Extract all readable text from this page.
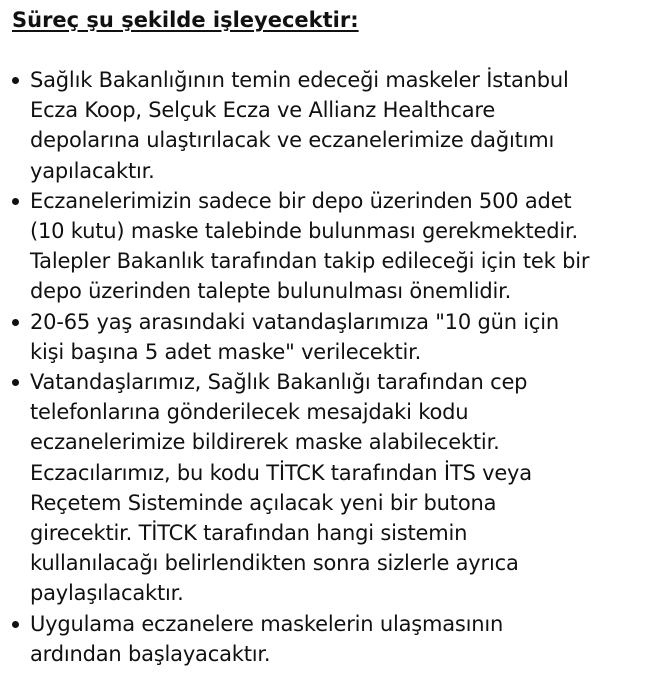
Süreç şu şekilde işleyecektir:
Sağlık Bakanlığının temin edeceği maskeler İstanbul
Ecza Koop, Selçuk Ecza ve Allianz Healthcare
depolarına ulaştırılacak ve eczanelerimize dağıtımı
yapılacaktır.
Eczanelerimizin sadece bir depo üzerinden 500 adet
(10 kutu) maske talebinde bulunması gerekmektedir.
Talepler Bakanlık tarafından takip edileceği için tek bir
depo üzerinden talepte bulunulması önemlidir.
20-65 yaş arasındaki vatandaşlarımıza "10 gün için
kişi başına 5 adet maske" verilecektir.
Vatandaşlarımız, Sağlık Bakanlığı tarafından cep
telefonlarına gönderilecek mesajdaki kodu
eczanelerimize bildirerek maske alabilecektir.
Eczacılarımız, bu kodu TİTCK tarafından İTS veya
Reçetem Sisteminde açılacak yeni bir butona
girecektir. TİTCK tarafından hangi sistemin
kullanılacağı belirlendikten sonra sizlerle ayrıca
paylaşılacaktır.
Uygulama eczanelere maskelerin ulaşmasının
ardından başlayacaktır.
